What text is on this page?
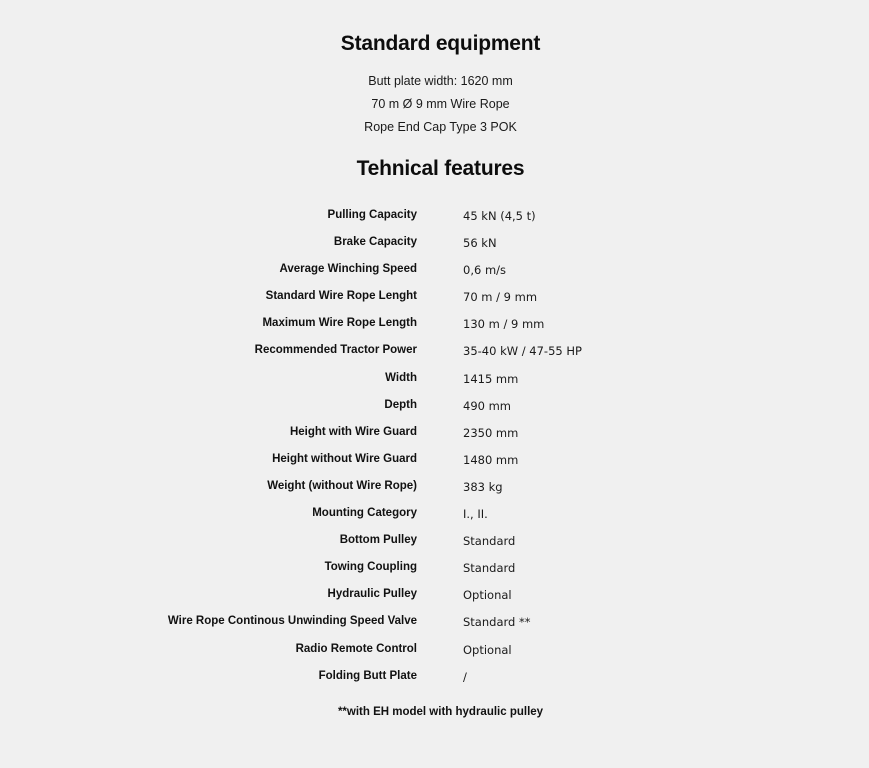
Standard equipment
Butt plate width: 1620 mm
70 m Ø 9 mm Wire Rope
Rope End Cap Type 3 POK
Tehnical features
Pulling Capacity	45 kN (4,5 t)
Brake Capacity	56 kN
Average Winching Speed	0,6 m/s
Standard Wire Rope Lenght	70 m / 9 mm
Maximum Wire Rope Length	130 m / 9 mm
Recommended Tractor Power	35-40 kW / 47-55 HP
Width	1415 mm
Depth	490 mm
Height with Wire Guard	2350 mm
Height without Wire Guard	1480 mm
Weight (without Wire Rope)	383 kg
Mounting Category	I., II.
Bottom Pulley	Standard
Towing Coupling	Standard
Hydraulic Pulley	Optional
Wire Rope Continous Unwinding Speed Valve	Standard **
Radio Remote Control	Optional
Folding Butt Plate	/
**with EH model with hydraulic pulley
